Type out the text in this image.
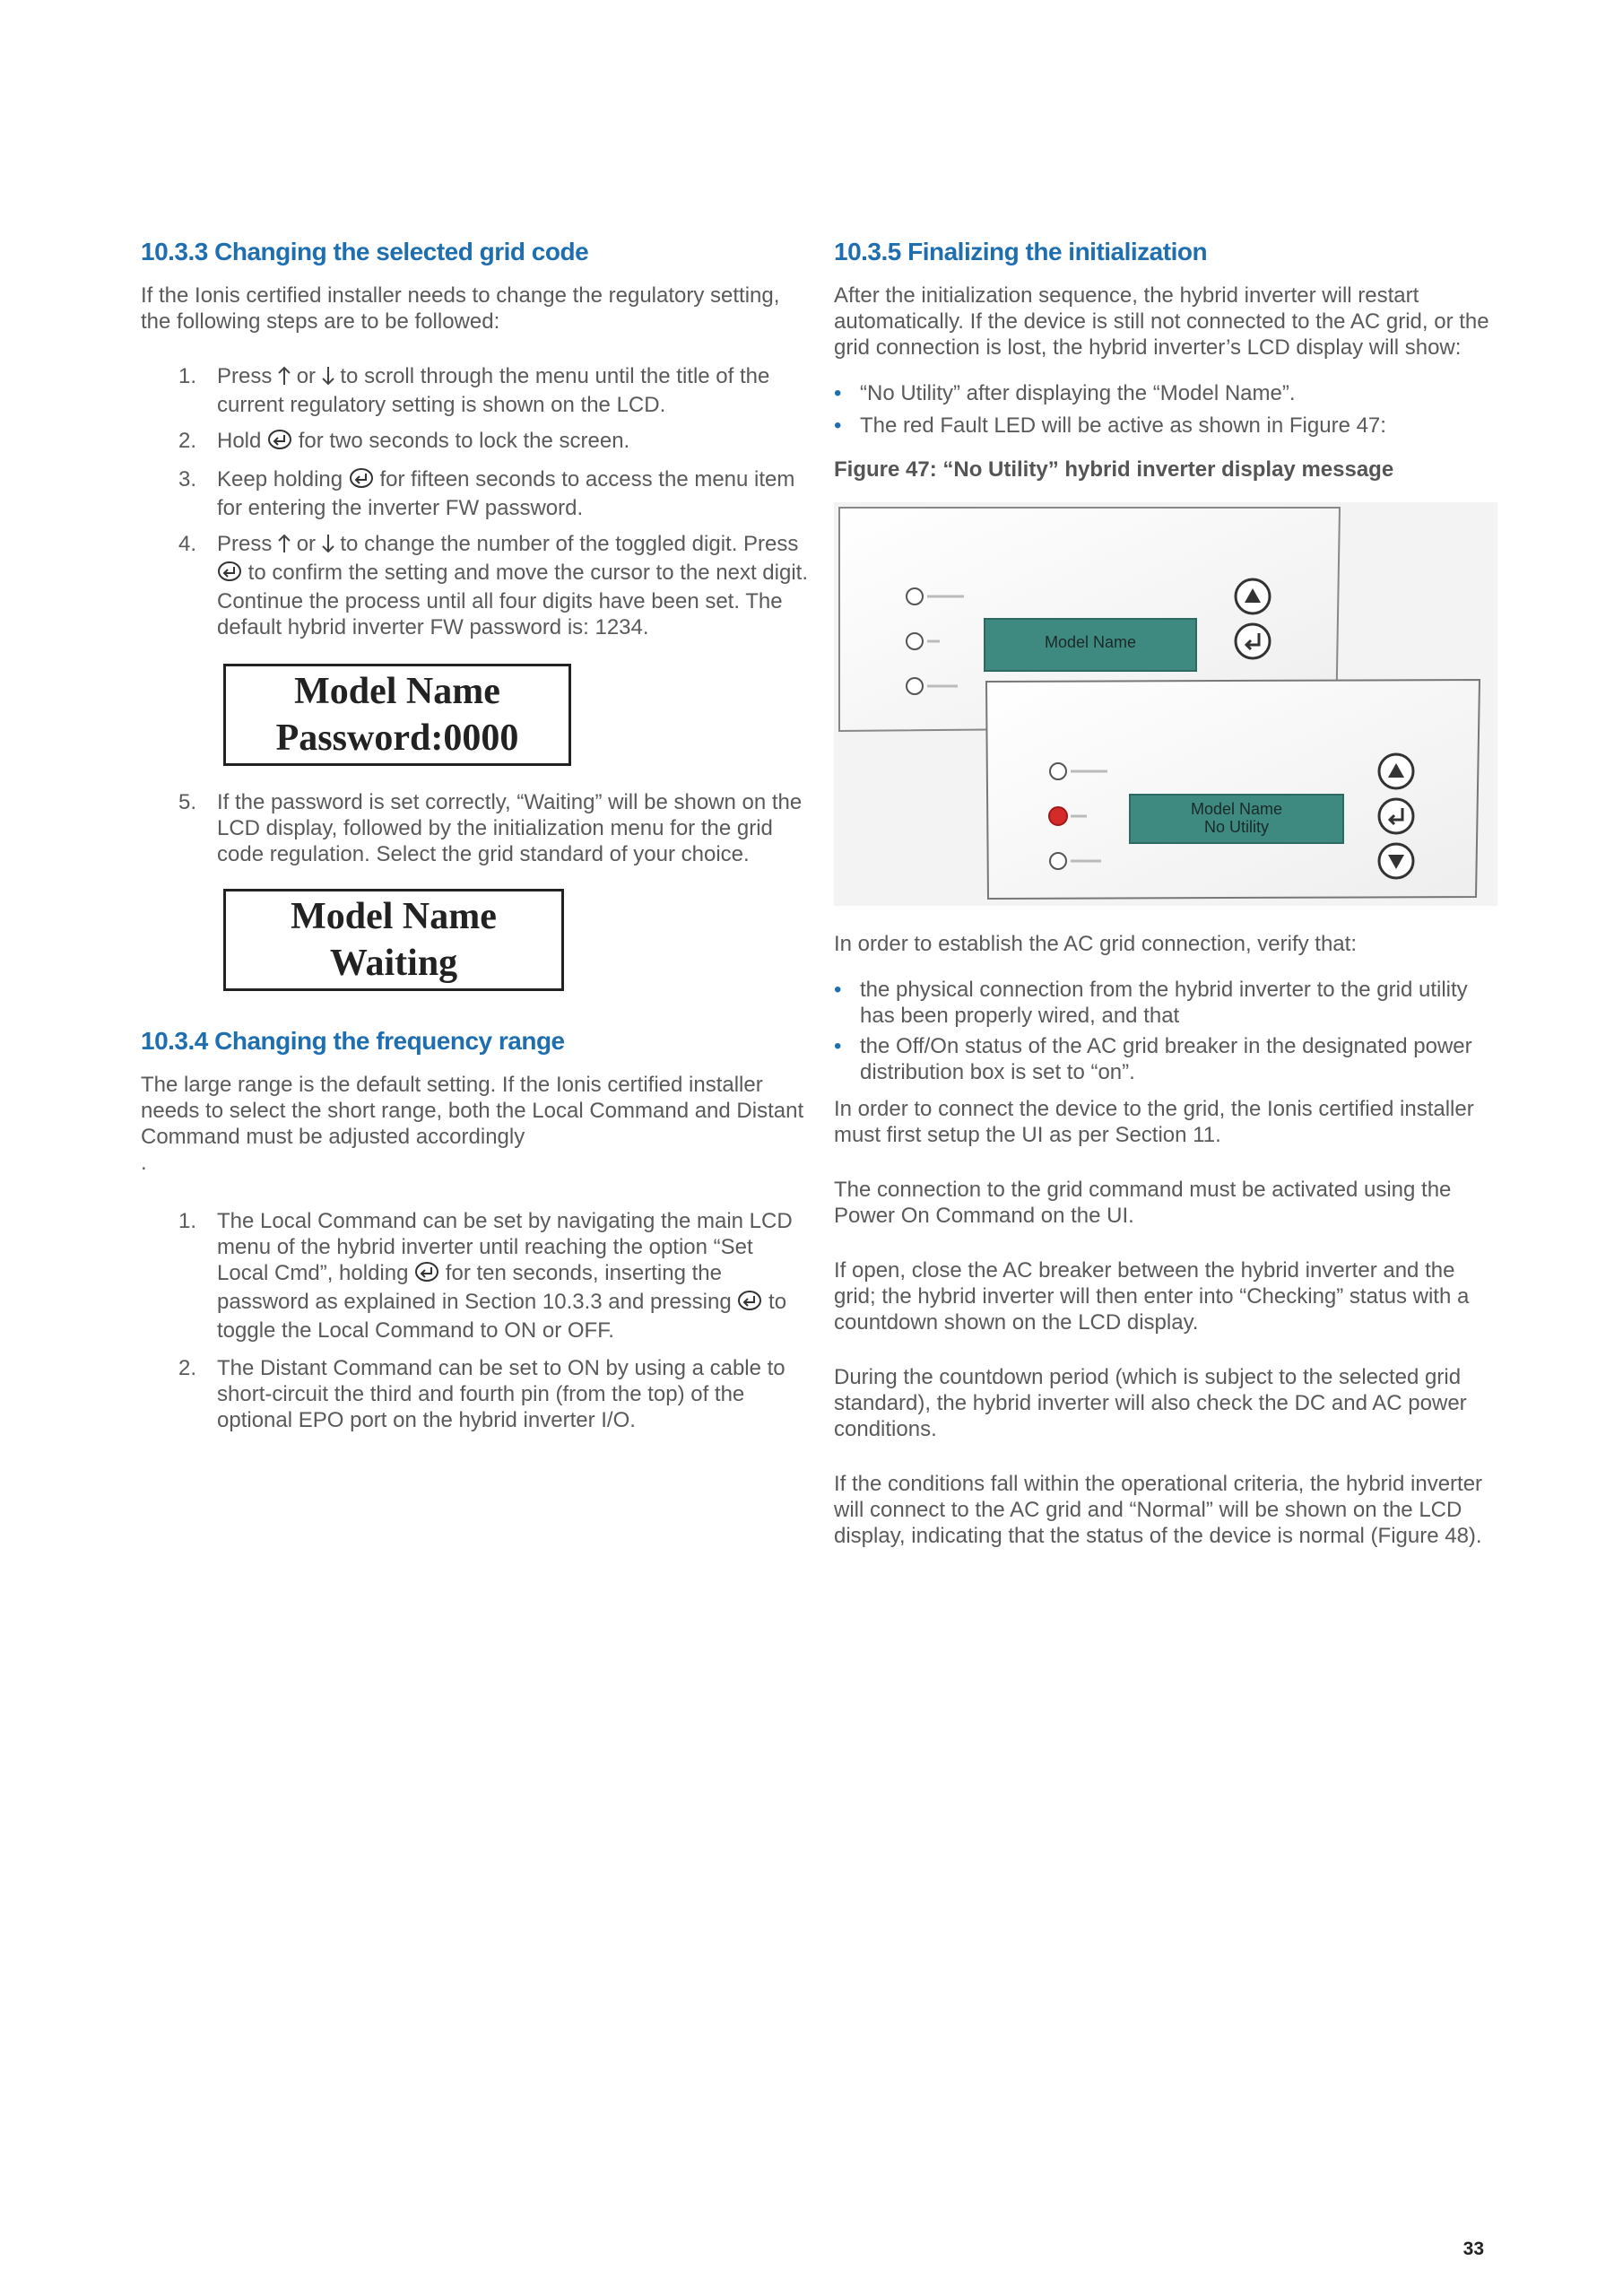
10.3.3 Changing the selected grid code

If the Ionis certified installer needs to change the regulatory setting, the following steps are to be followed:

1. Press or to scroll through the menu until the title of the current regulatory setting is shown on the LCD.
2. Hold for two seconds to lock the screen.
3. Keep holding for fifteen seconds to access the menu item for entering the inverter FW password.
4. Press or to change the number of the toggled digit. Press  to confirm the setting and move the cursor to the next digit. Continue the process until all four digits have been set. The default hybrid inverter FW password is: 1234.
Model Name
Password:0000
5. If the password is set correctly, “Waiting” will be shown on the LCD display, followed by the initialization menu for the grid code regulation. Select the grid standard of your choice.
Model Name
Waiting
10.3.4 Changing the frequency range

The large range is the default setting. If the Ionis certified installer needs to select the short range, both the Local Command and Distant Command must be adjusted accordingly

.

1. The Local Command can be set by navigating the main LCD menu of the hybrid inverter until reaching the option “Set Local Cmd”, holding for ten seconds, inserting the password as explained in Section 10.3.3 and pressing to toggle the Local Command to ON or OFF.
2. The Distant Command can be set to ON by using a cable to short-circuit the third and fourth pin (from the top) of the optional EPO port on the hybrid inverter I/O.
10.3.5 Finalizing the initialization

After the initialization sequence, the hybrid inverter will restart automatically. If the device is still not connected to the AC grid, or the grid connection is lost, the hybrid inverter’s LCD display will show:

• “No Utility” after displaying the “Model Name”.
• The red Fault LED will be active as shown in Figure 47:

Figure 47: “No Utility” hybrid inverter display message

Model Name
Model Name
No Utility

In order to establish the AC grid connection, verify that:

• the physical connection from the hybrid inverter to the grid utility has been properly wired, and that
• the Off/On status of the AC grid breaker in the designated power distribution box is set to “on”.

In order to connect the device to the grid, the Ionis certified installer must first setup the UI as per Section 11.

The connection to the grid command must be activated using the Power On Command on the UI.

If open, close the AC breaker between the hybrid inverter and the grid; the hybrid inverter will then enter into “Checking” status with a countdown shown on the LCD display.

During the countdown period (which is subject to the selected grid standard), the hybrid inverter will also check the DC and AC power conditions.

If the conditions fall within the operational criteria, the hybrid inverter will connect to the AC grid and “Normal” will be shown on the LCD display, indicating that the status of the device is normal (Figure 48).

33
